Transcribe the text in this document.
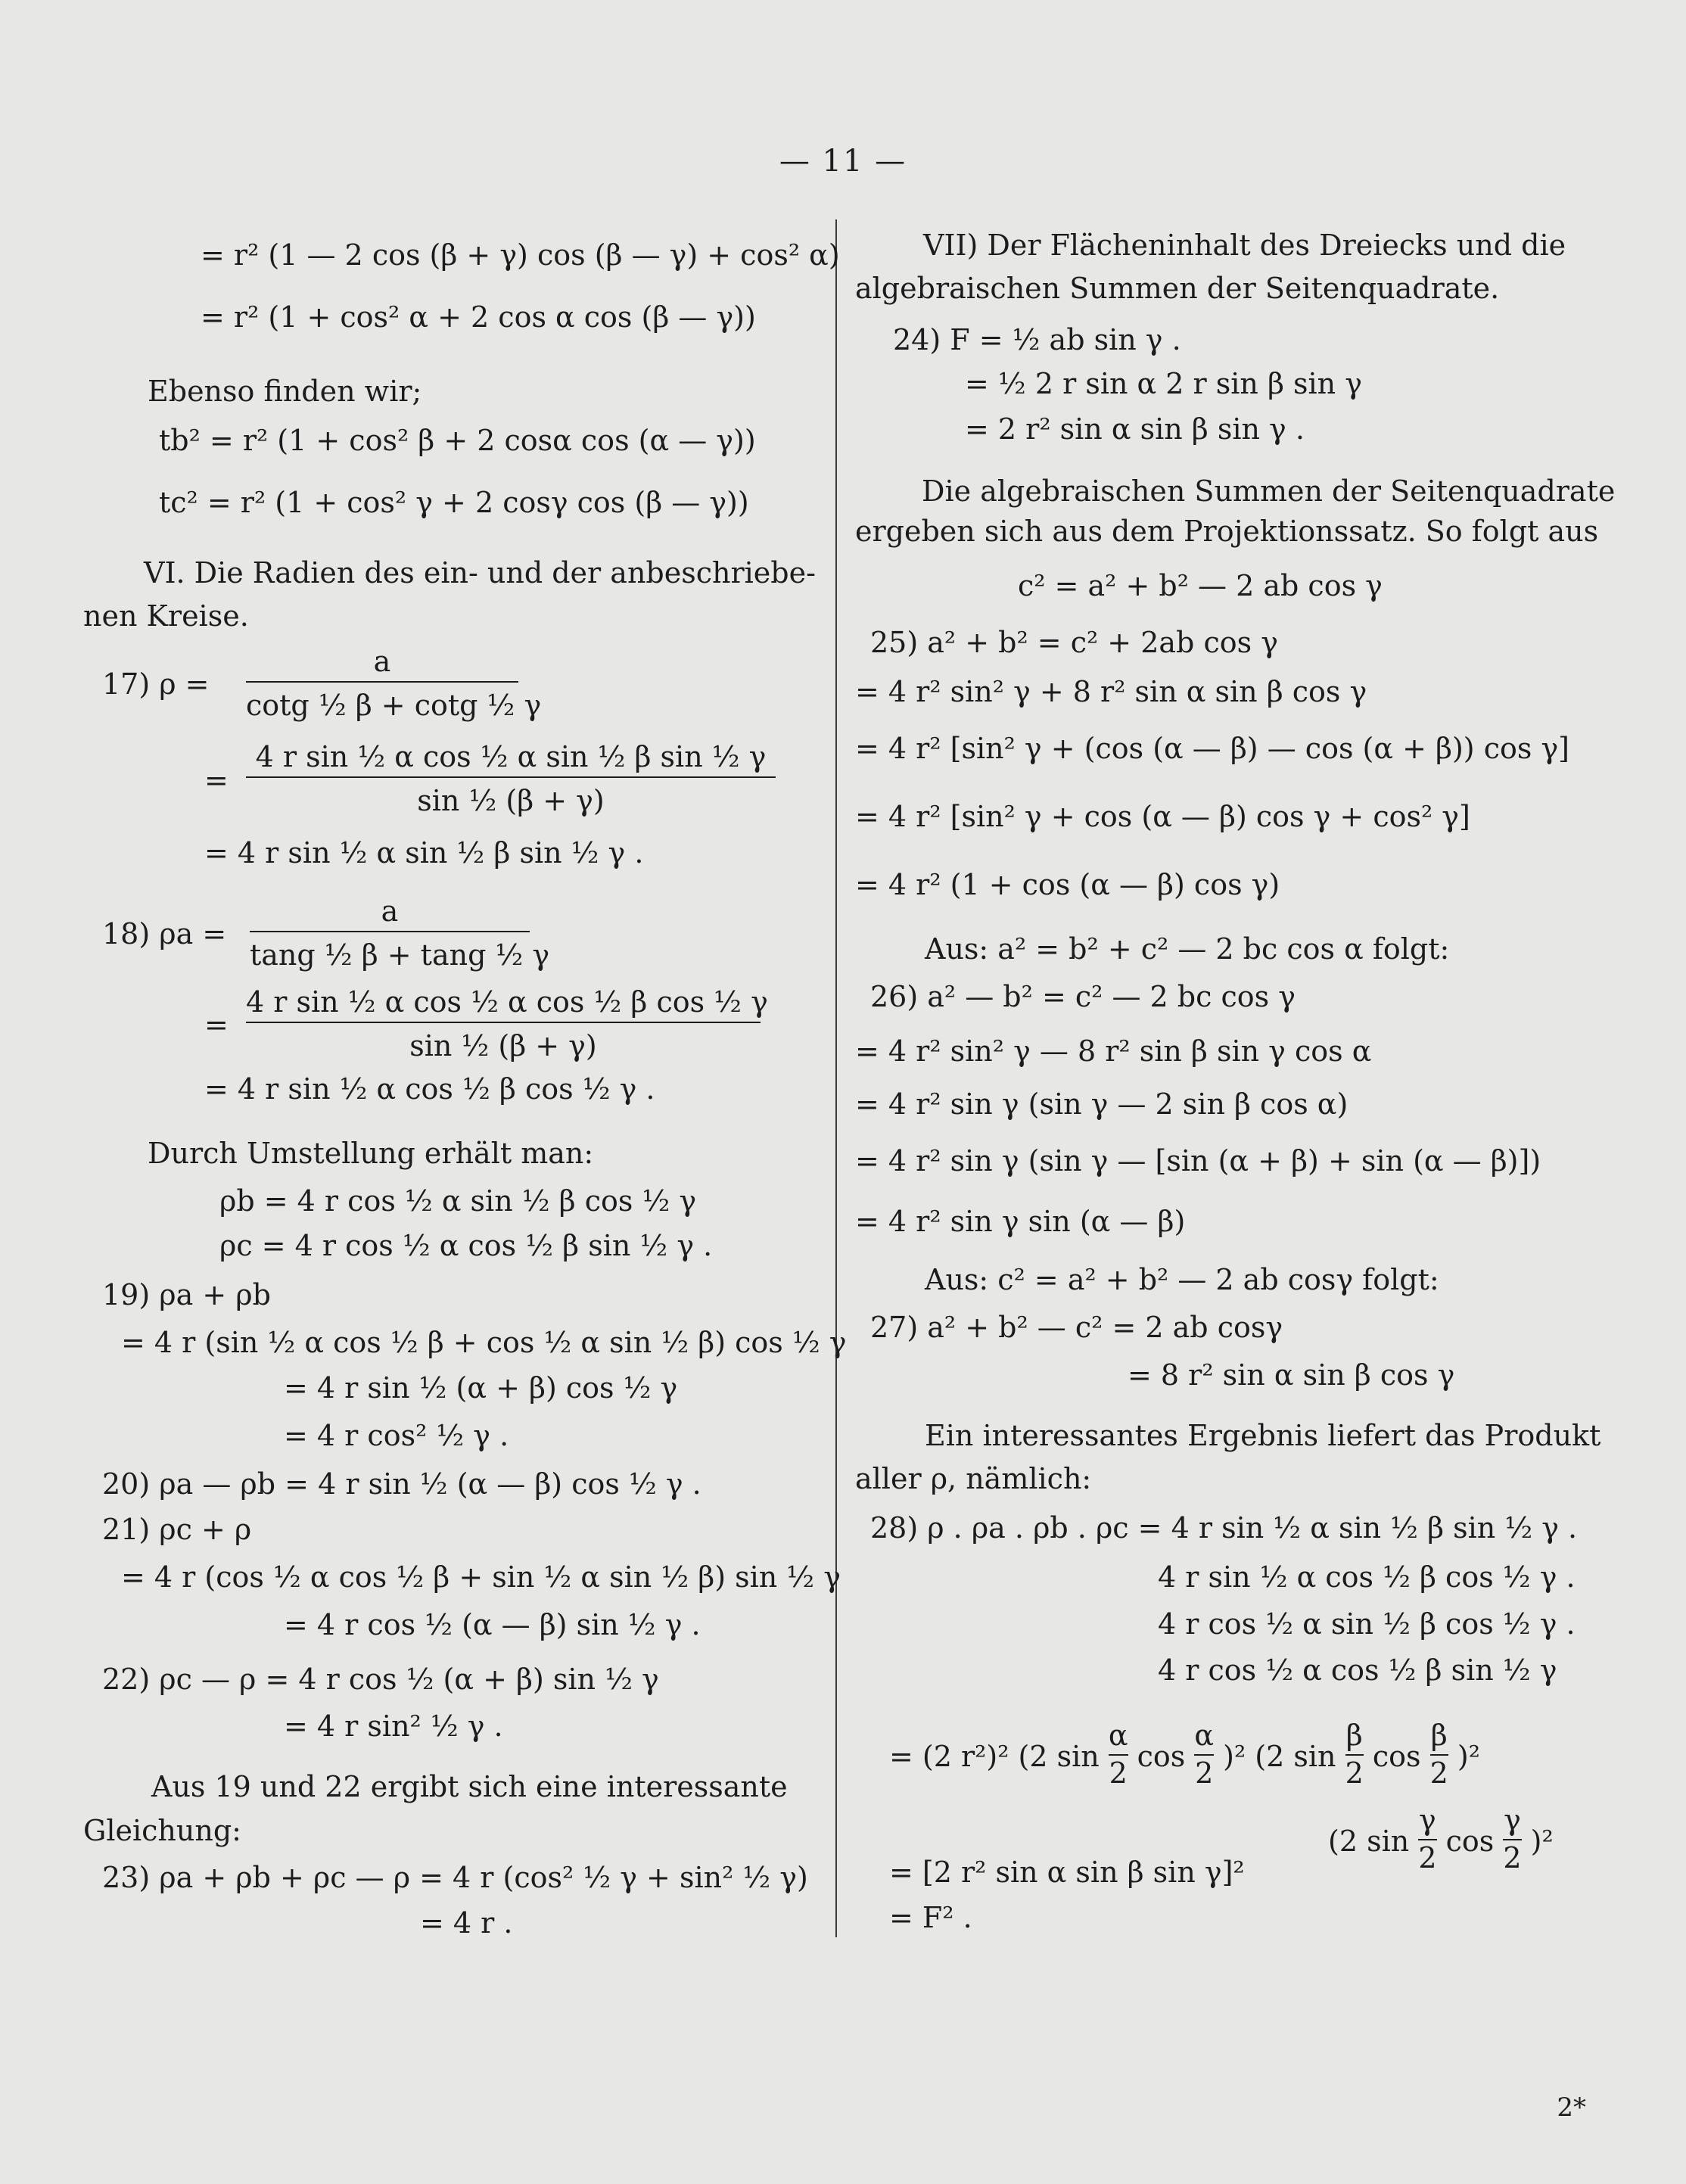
— 11 —
= r² (1 — 2 cos (β + γ) cos (β — γ) + cos² α)
= r² (1 + cos² α + 2 cos α cos (β — γ))
Ebenso finden wir;
tb² = r² (1 + cos² β + 2 cosα cos (α — γ))
tc² = r² (1 + cos² γ + 2 cosγ cos (β — γ))
VI. Die Radien des ein- und der anbeschriebe-
nen Kreise.
17) ρ =
a
cotg ½ β + cotg ½ γ
=
4 r sin ½ α cos ½ α sin ½ β sin ½ γ
sin ½ (β + γ)
= 4 r sin ½ α sin ½ β sin ½ γ .
18) ρa =
a
tang ½ β + tang ½ γ
=
4 r sin ½ α cos ½ α cos ½ β cos ½ γ
sin ½ (β + γ)
= 4 r sin ½ α cos ½ β cos ½ γ .
Durch Umstellung erhält man:
ρb = 4 r cos ½ α sin ½ β cos ½ γ
ρc = 4 r cos ½ α cos ½ β sin ½ γ .
19) ρa + ρb
= 4 r (sin ½ α cos ½ β + cos ½ α sin ½ β) cos ½ γ
= 4 r sin ½ (α + β) cos ½ γ
= 4 r cos² ½ γ .
20) ρa — ρb = 4 r sin ½ (α — β) cos ½ γ .
21) ρc + ρ
= 4 r (cos ½ α cos ½ β + sin ½ α sin ½ β) sin ½ γ
= 4 r cos ½ (α — β) sin ½ γ .
22) ρc — ρ = 4 r cos ½ (α + β) sin ½ γ
= 4 r sin² ½ γ .
Aus 19 und 22 ergibt sich eine interessante
Gleichung:
23) ρa + ρb + ρc — ρ = 4 r (cos² ½ γ + sin² ½ γ)
= 4 r .
VII) Der Flächeninhalt des Dreiecks und die
algebraischen Summen der Seitenquadrate.
24) F = ½ ab sin γ .
= ½ 2 r sin α 2 r sin β sin γ
= 2 r² sin α sin β sin γ .
Die algebraischen Summen der Seitenquadrate
ergeben sich aus dem Projektionssatz. So folgt aus
c² = a² + b² — 2 ab cos γ
25) a² + b² = c² + 2ab cos γ
= 4 r² sin² γ + 8 r² sin α sin β cos γ
= 4 r² [sin² γ + (cos (α — β) — cos (α + β)) cos γ]
= 4 r² [sin² γ + cos (α — β) cos γ + cos² γ]
= 4 r² (1 + cos (α — β) cos γ)
Aus: a² = b² + c² — 2 bc cos α folgt:
26) a² — b² = c² — 2 bc cos γ
= 4 r² sin² γ — 8 r² sin β sin γ cos α
= 4 r² sin γ (sin γ — 2 sin β cos α)
= 4 r² sin γ (sin γ — [sin (α + β) + sin (α — β)])
= 4 r² sin γ sin (α — β)
Aus: c² = a² + b² — 2 ab cosγ folgt:
27) a² + b² — c² = 2 ab cosγ
= 8 r² sin α sin β cos γ
Ein interessantes Ergebnis liefert das Produkt
aller ρ, nämlich:
28) ρ . ρa . ρb . ρc = 4 r sin ½ α sin ½ β sin ½ γ .
4 r sin ½ α cos ½ β cos ½ γ .
4 r cos ½ α sin ½ β cos ½ γ .
4 r cos ½ α cos ½ β sin ½ γ
= (2 r²)² (2 $\sin \frac{\alpha}{2}$ $\cos \frac{\alpha}{2} )^2$ (2 $\sin \frac{\beta}{2}$ $\cos \frac{\beta}{2} )^2$
(2 $\sin \frac{\gamma}{2}$ $\cos \frac{\gamma}{2} )^2$
= [2 r² sin α sin β sin γ]²
= F² .
2*
